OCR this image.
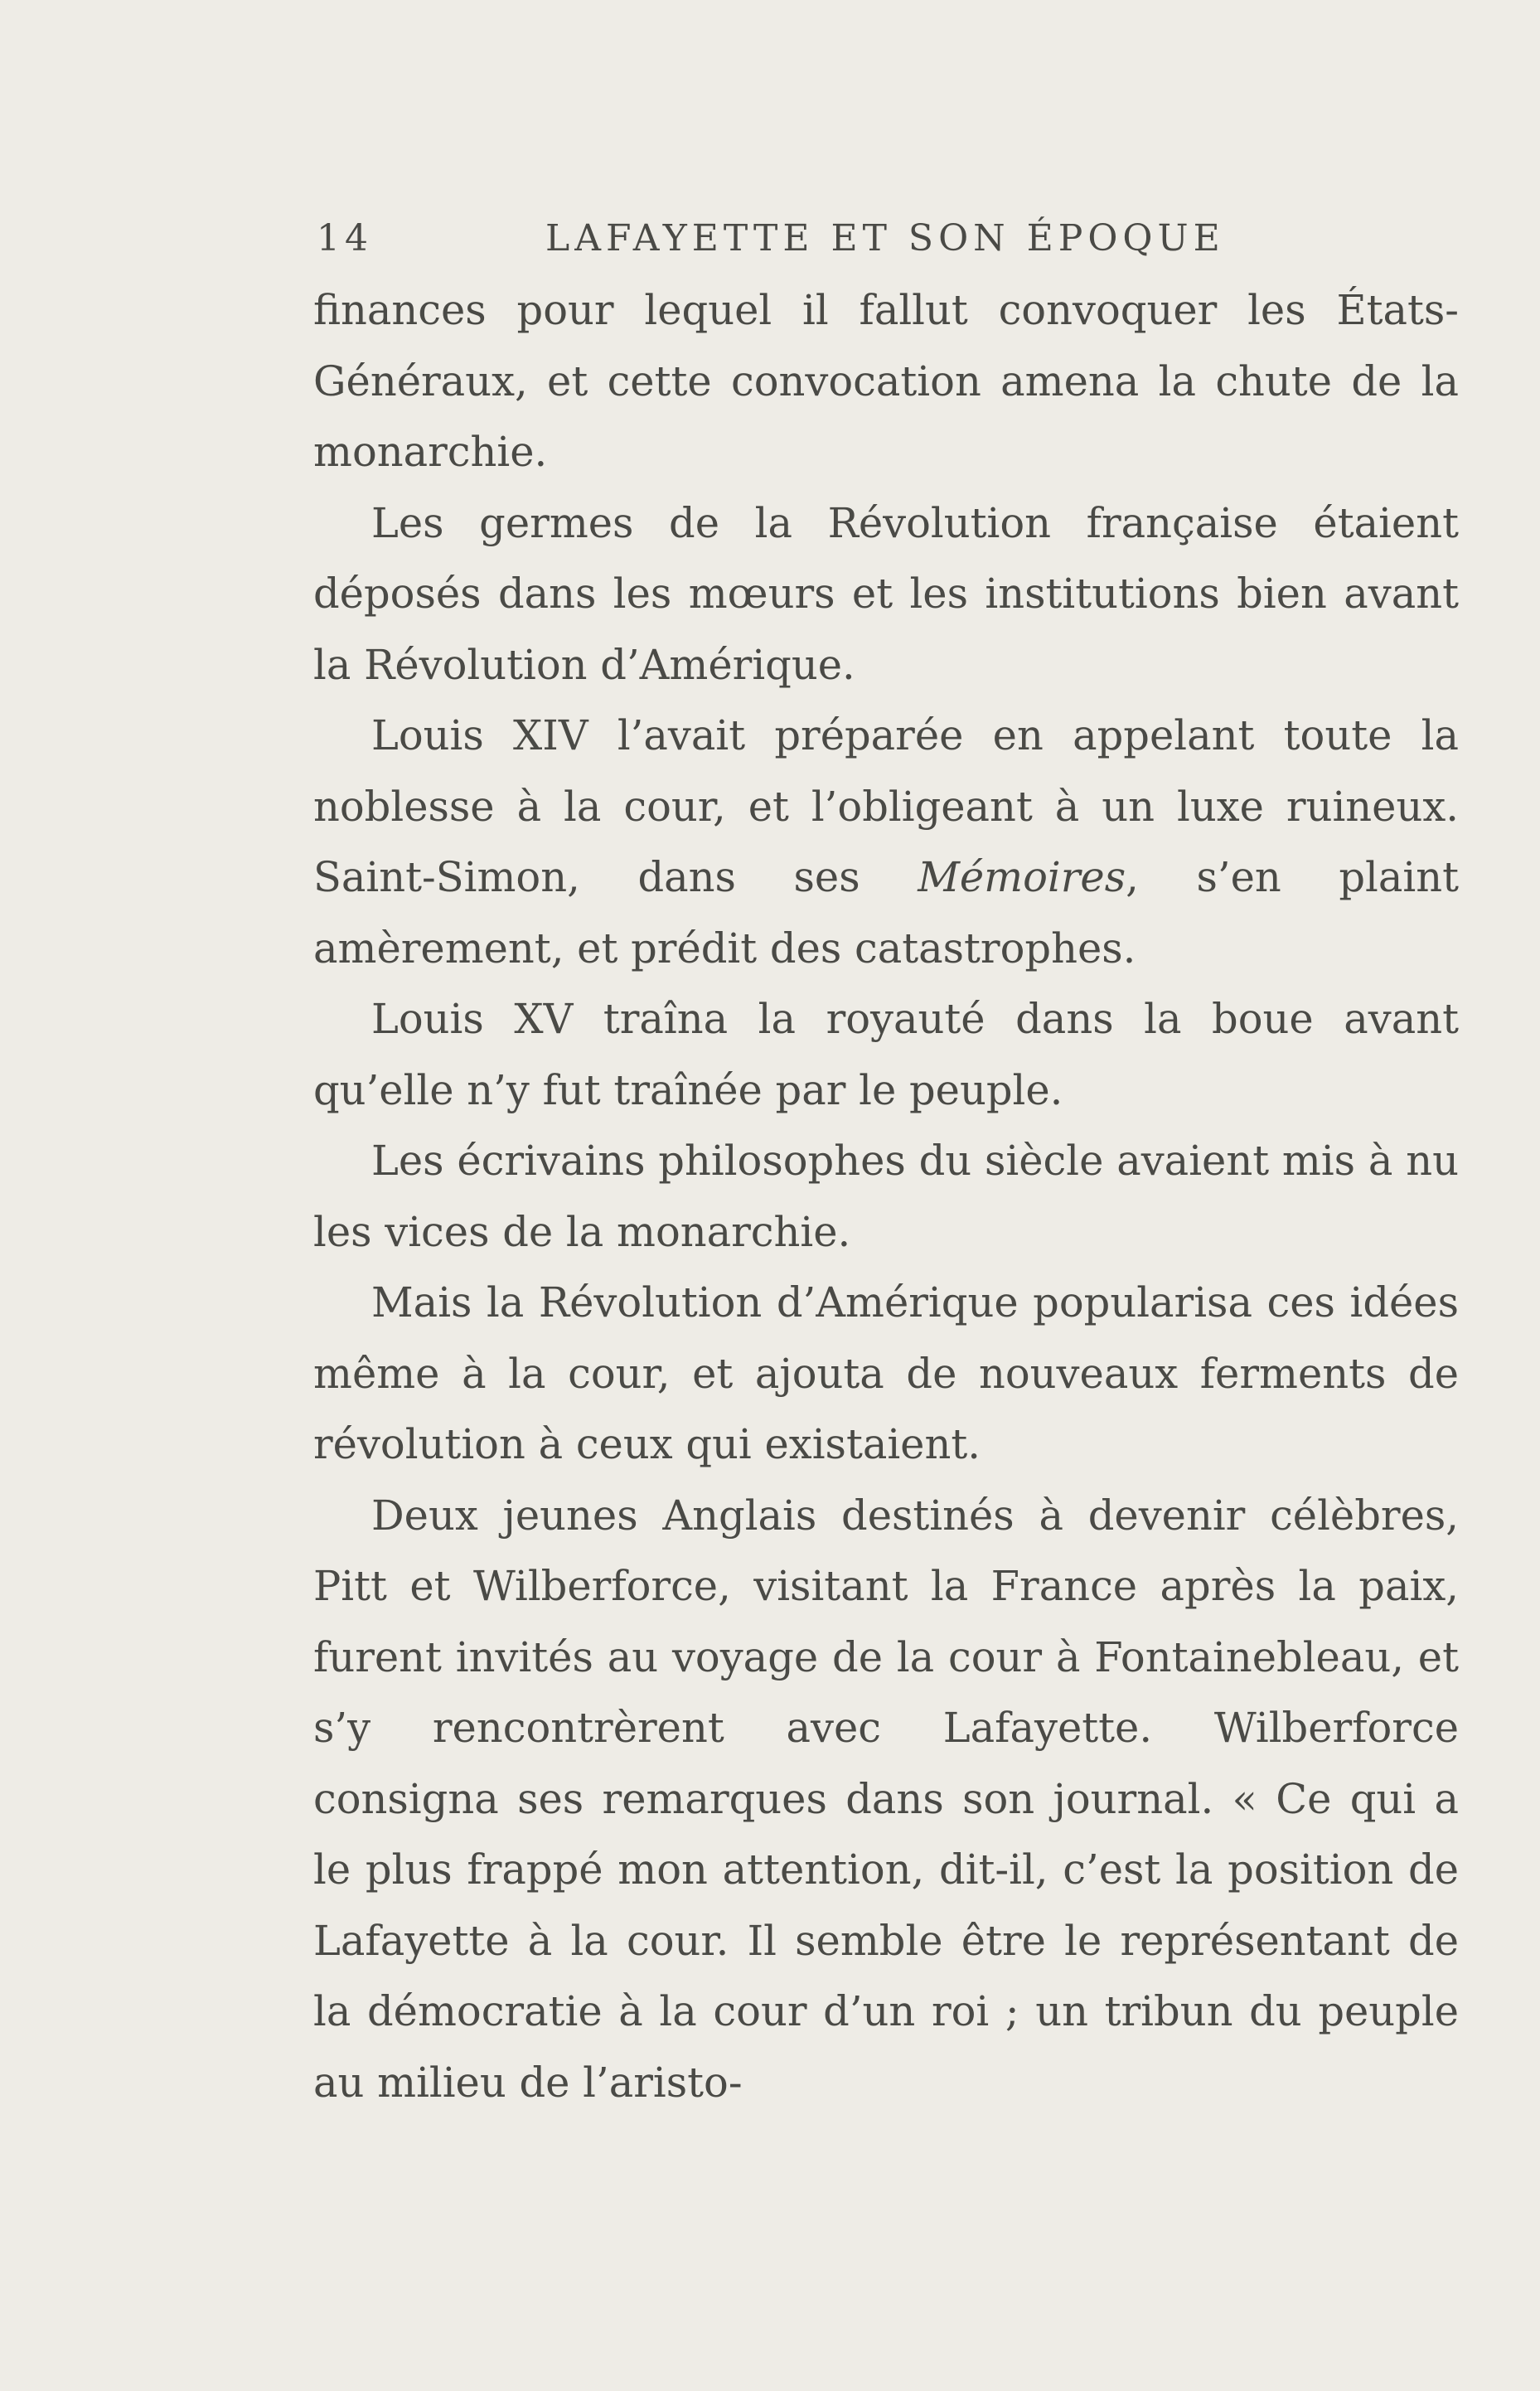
14	LAFAYETTE ET SON ÉPOQUE

finances pour lequel il fallut convoquer les États-Généraux, et cette convocation amena la chute de la monarchie.

Les germes de la Révolution française étaient déposés dans les mœurs et les institutions bien avant la Révolution d’Amérique.

Louis XIV l’avait préparée en appelant toute la noblesse à la cour, et l’obligeant à un luxe ruineux. Saint-Simon, dans ses Mémoires, s’en plaint amèrement, et prédit des catastrophes.

Louis XV traîna la royauté dans la boue avant qu’elle n’y fut traînée par le peuple.

Les écrivains philosophes du siècle avaient mis à nu les vices de la monarchie.

Mais la Révolution d’Amérique popularisa ces idées même à la cour, et ajouta de nouveaux ferments de révolution à ceux qui existaient.

Deux jeunes Anglais destinés à devenir célèbres, Pitt et Wilberforce, visitant la France après la paix, furent invités au voyage de la cour à Fontainebleau, et s’y rencontrèrent avec Lafayette. Wilberforce consigna ses remarques dans son journal. « Ce qui a le plus frappé mon attention, dit-il, c’est la position de Lafayette à la cour. Il semble être le représentant de la démocratie à la cour d’un roi ; un tribun du peuple au milieu de l’aristo-
